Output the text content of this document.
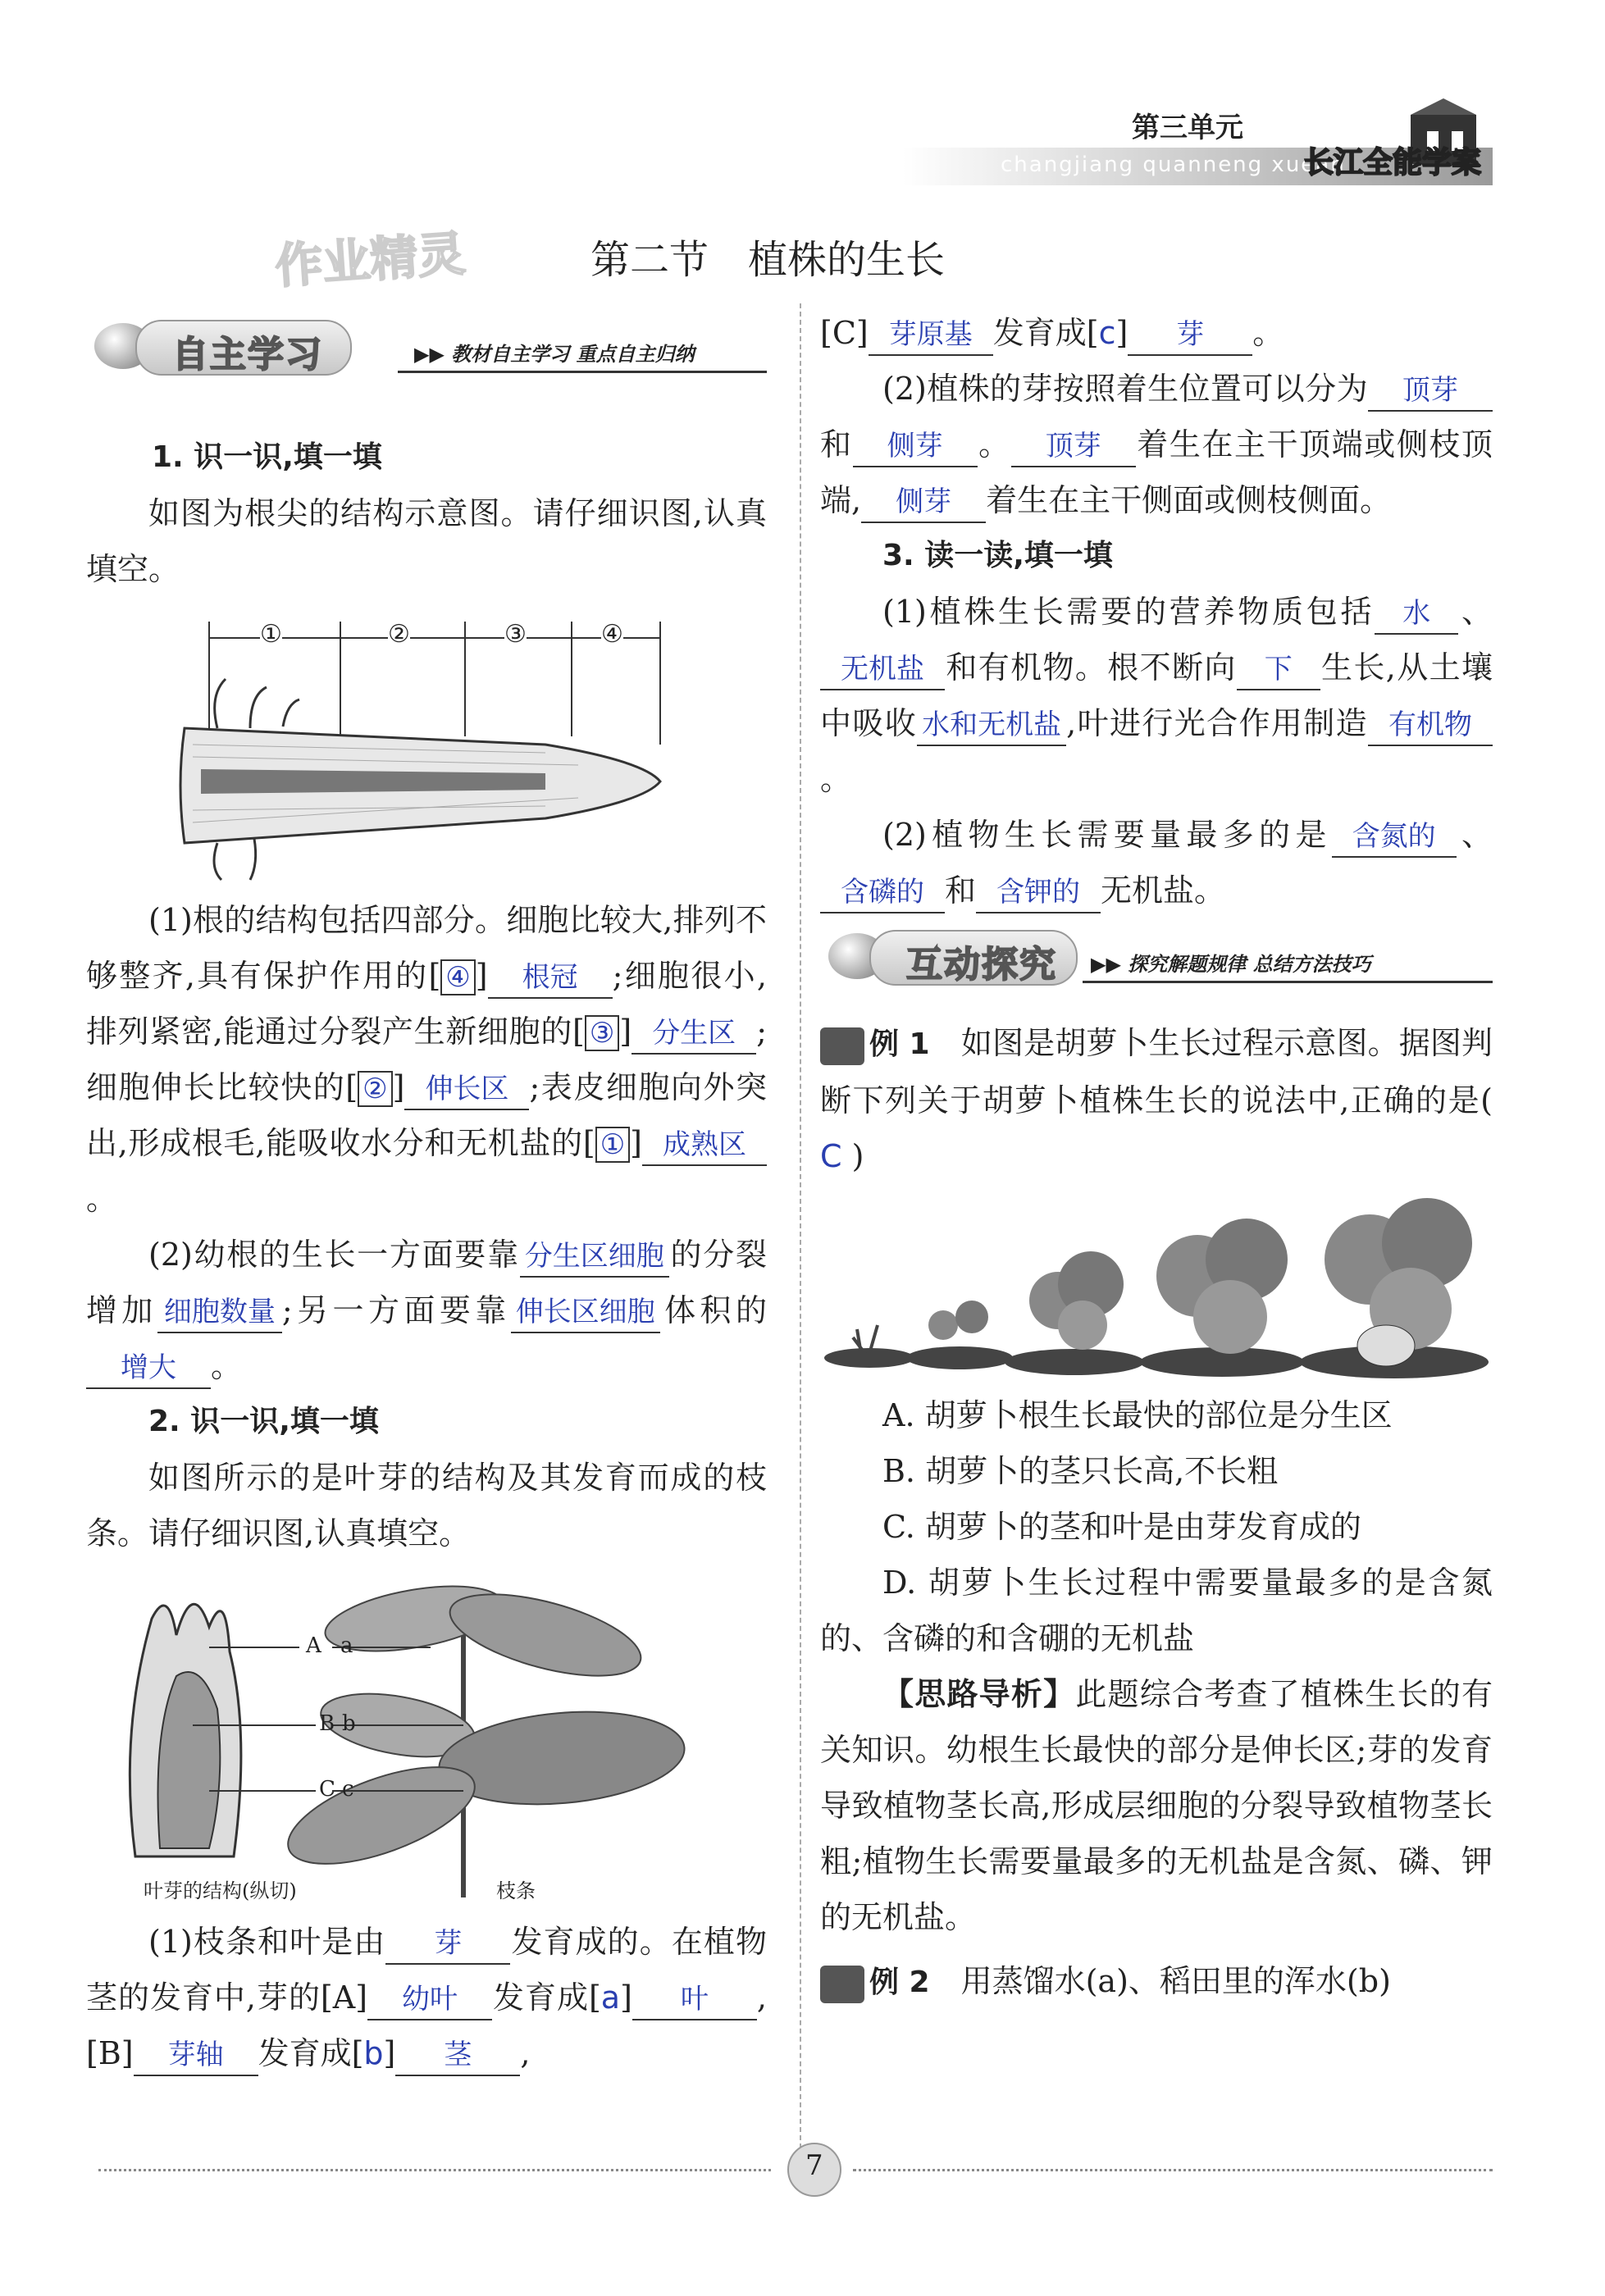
第三单元
changjiang quanneng xuean
长江全能学案
作业精灵	第二节　植株的生长
自主学习	▶▶ 教材自主学习 重点自主归纳

1. 识一识,填一填

如图为根尖的结构示意图。请仔细识图,认真填空。

①	②	③	④

(1)根的结构包括四部分。细胞比较大,排列不够整齐,具有保护作用的[ ④ ] 根冠 ;细胞很小,排列紧密,能通过分裂产生新细胞的[ ③ ] 分生区 ;细胞伸长比较快的[ ② ] 伸长区 ;表皮细胞向外突出,形成根毛,能吸收水分和无机盐的[ ① ] 成熟区。

(2)幼根的生长一方面要靠 分生区细胞 的分裂增加 细胞数量 ;另一方面要靠 伸长区细胞 体积的增大 。

2. 识一识,填一填

如图所示的是叶芽的结构及其发育而成的枝条。请仔细识图,认真填空。

A a
B b
C c
叶芽的结构(纵切)	枝条

(1)枝条和叶是由 芽 发育成的。在植物茎的发育中,芽的[A] 幼叶 发育成[a] 叶 ,[B] 芽轴 发育成[b] 茎 ,

[C] 芽原基 发育成[c] 芽 。

(2)植株的芽按照着生位置可以分为 顶芽和 侧芽 。 顶芽 着生在主干顶端或侧枝顶端, 侧芽 着生在主干侧面或侧枝侧面。

3. 读一读,填一填

(1)植株生长需要的营养物质包括 水 、无机盐 和有机物。根不断向 下 生长,从土壤中吸收 水和无机盐 ,叶进行光合作用制造 有机物。

(2)植物生长需要量最多的是 含氮的 、含磷的 和 含钾的 无机盐。

互动探究 ▶▶ 探究解题规律 总结方法技巧

例 1　 如图是胡萝卜生长过程示意图。据图判断下列关于胡萝卜植株生长的说法中,正确的是( C )

A. 胡萝卜根生长最快的部位是分生区

B. 胡萝卜的茎只长高,不长粗

C. 胡萝卜的茎和叶是由芽发育成的

D. 胡萝卜生长过程中需要量最多的是含氮的、含磷的和含硼的无机盐

【思路导析】此题综合考查了植株生长的有关知识。幼根生长最快的部分是伸长区;芽的发育导致植物茎长高,形成层细胞的分裂导致植物茎长粗;植物生长需要量最多的无机盐是含氮、磷、钾的无机盐。

例 2　 用蒸馏水(a)、稻田里的浑水(b)

7
